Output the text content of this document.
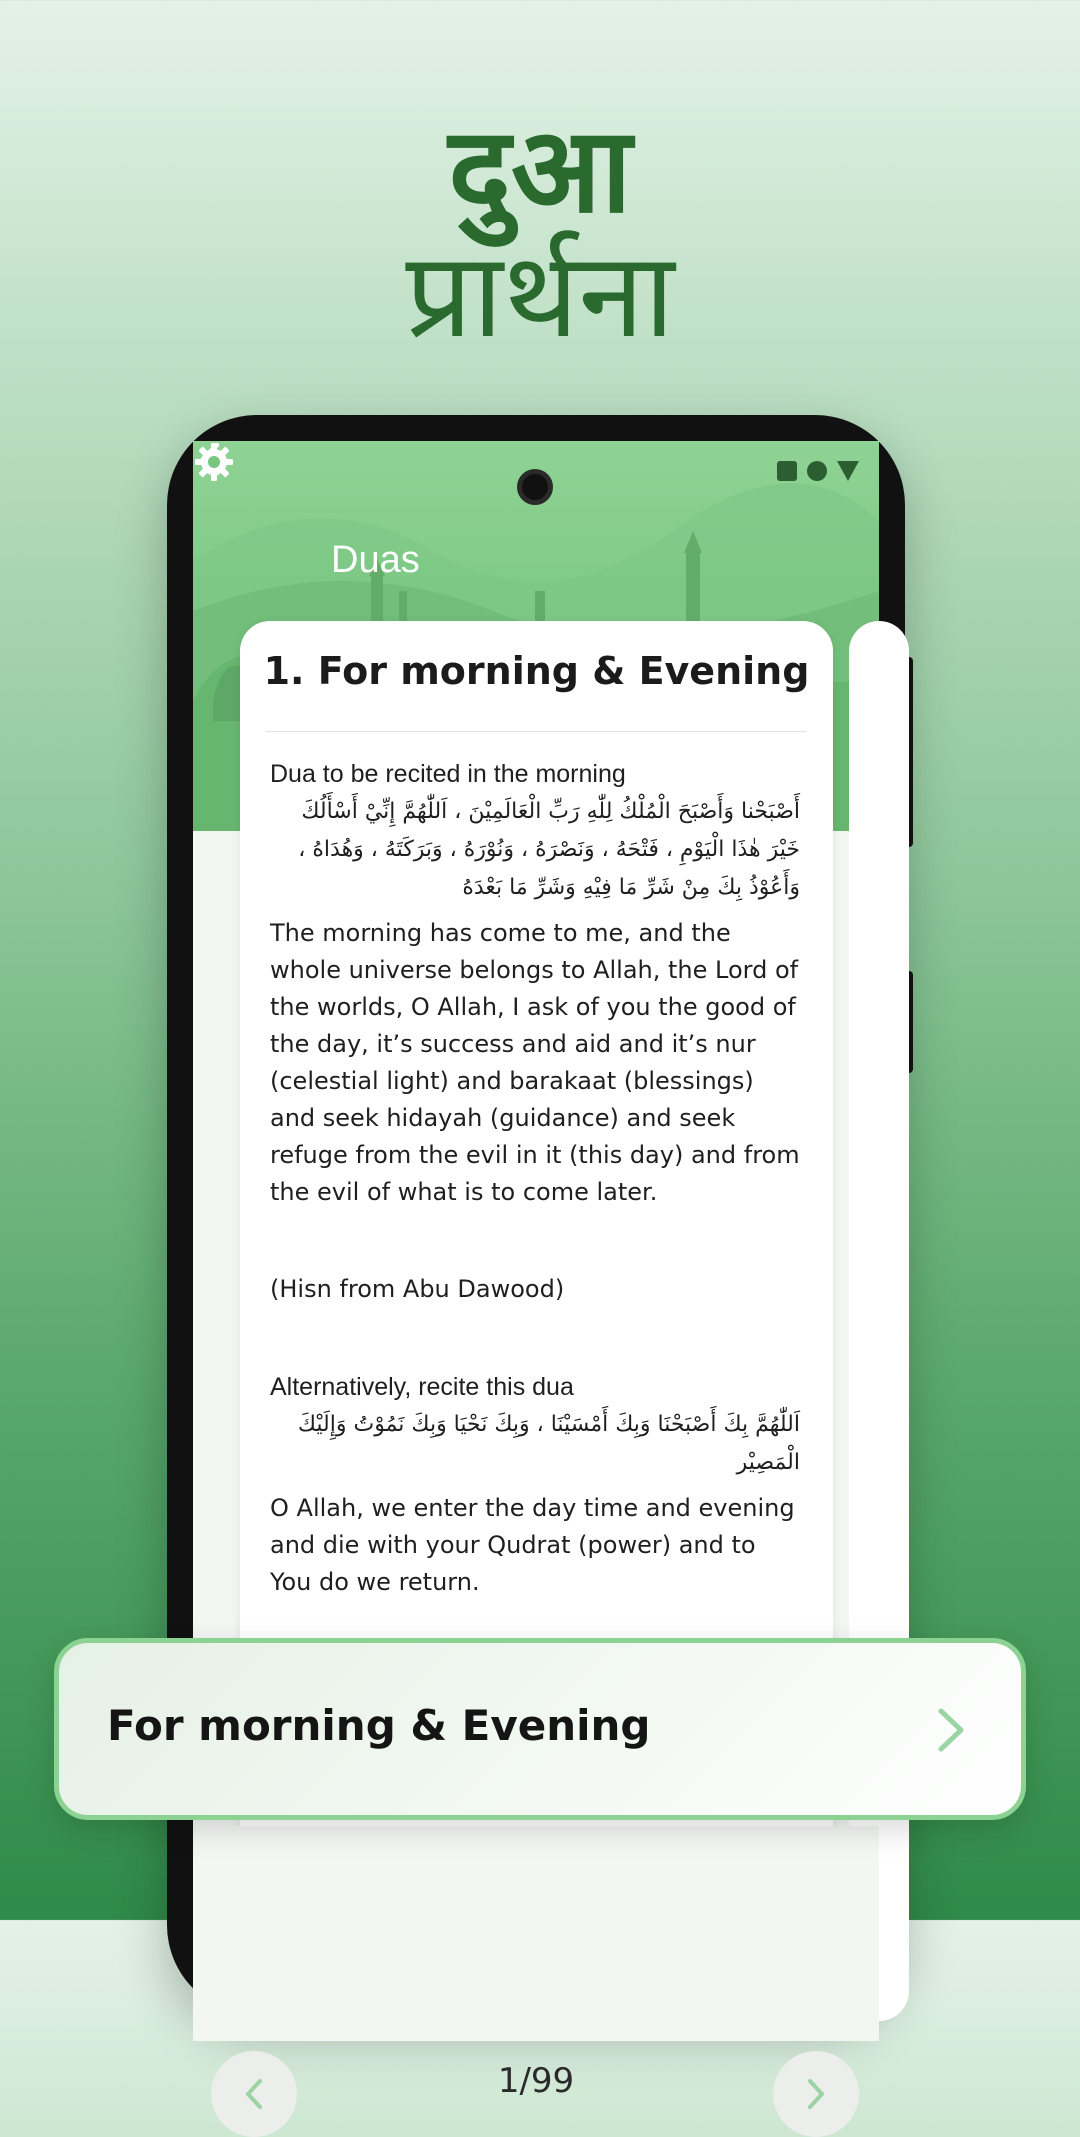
दुआ
प्रार्थना
Duas
1. For morning & Evening
Dua to be recited in the morning
أَصْبَحْنا وَأَصْبَحَ الْمُلْكُ لِلّٰهِ رَبِّ الْعَالَمِيْنَ ، اَللّٰهُمَّ إِنِّيْ أَسْأَلُكَ خَيْرَ هٰذَا الْيَوْمِ ، فَتْحَهُ ، وَنَصْرَهُ ، وَنُوْرَهُ ، وَبَرَكَتَهُ ، وَهُدَاهُ ، وَأَعُوْذُ بِكَ مِنْ شَرِّ مَا فِيْهِ وَشَرِّ مَا بَعْدَهُ
The morning has come to me, and the whole universe belongs to Allah, the Lord of the worlds, O Allah, I ask of you the good of the day, it’s success and aid and it’s nur (celestial light) and barakaat (blessings) and seek hidayah (guidance) and seek refuge from the evil in it (this day) and from the evil of what is to come later.
(Hisn from Abu Dawood)
Alternatively, recite this dua
اَللّٰهُمَّ بِكَ أَصْبَحْنَا وَبِكَ أَمْسَيْنَا ، وَبِكَ نَحْيَا وَبِكَ نَمُوْتُ وَإِلَيْكَ الْمَصِيْر
O Allah, we enter the day time and evening and die with your Qudrat (power) and to You do we return.
1/99
For morning & Evening
